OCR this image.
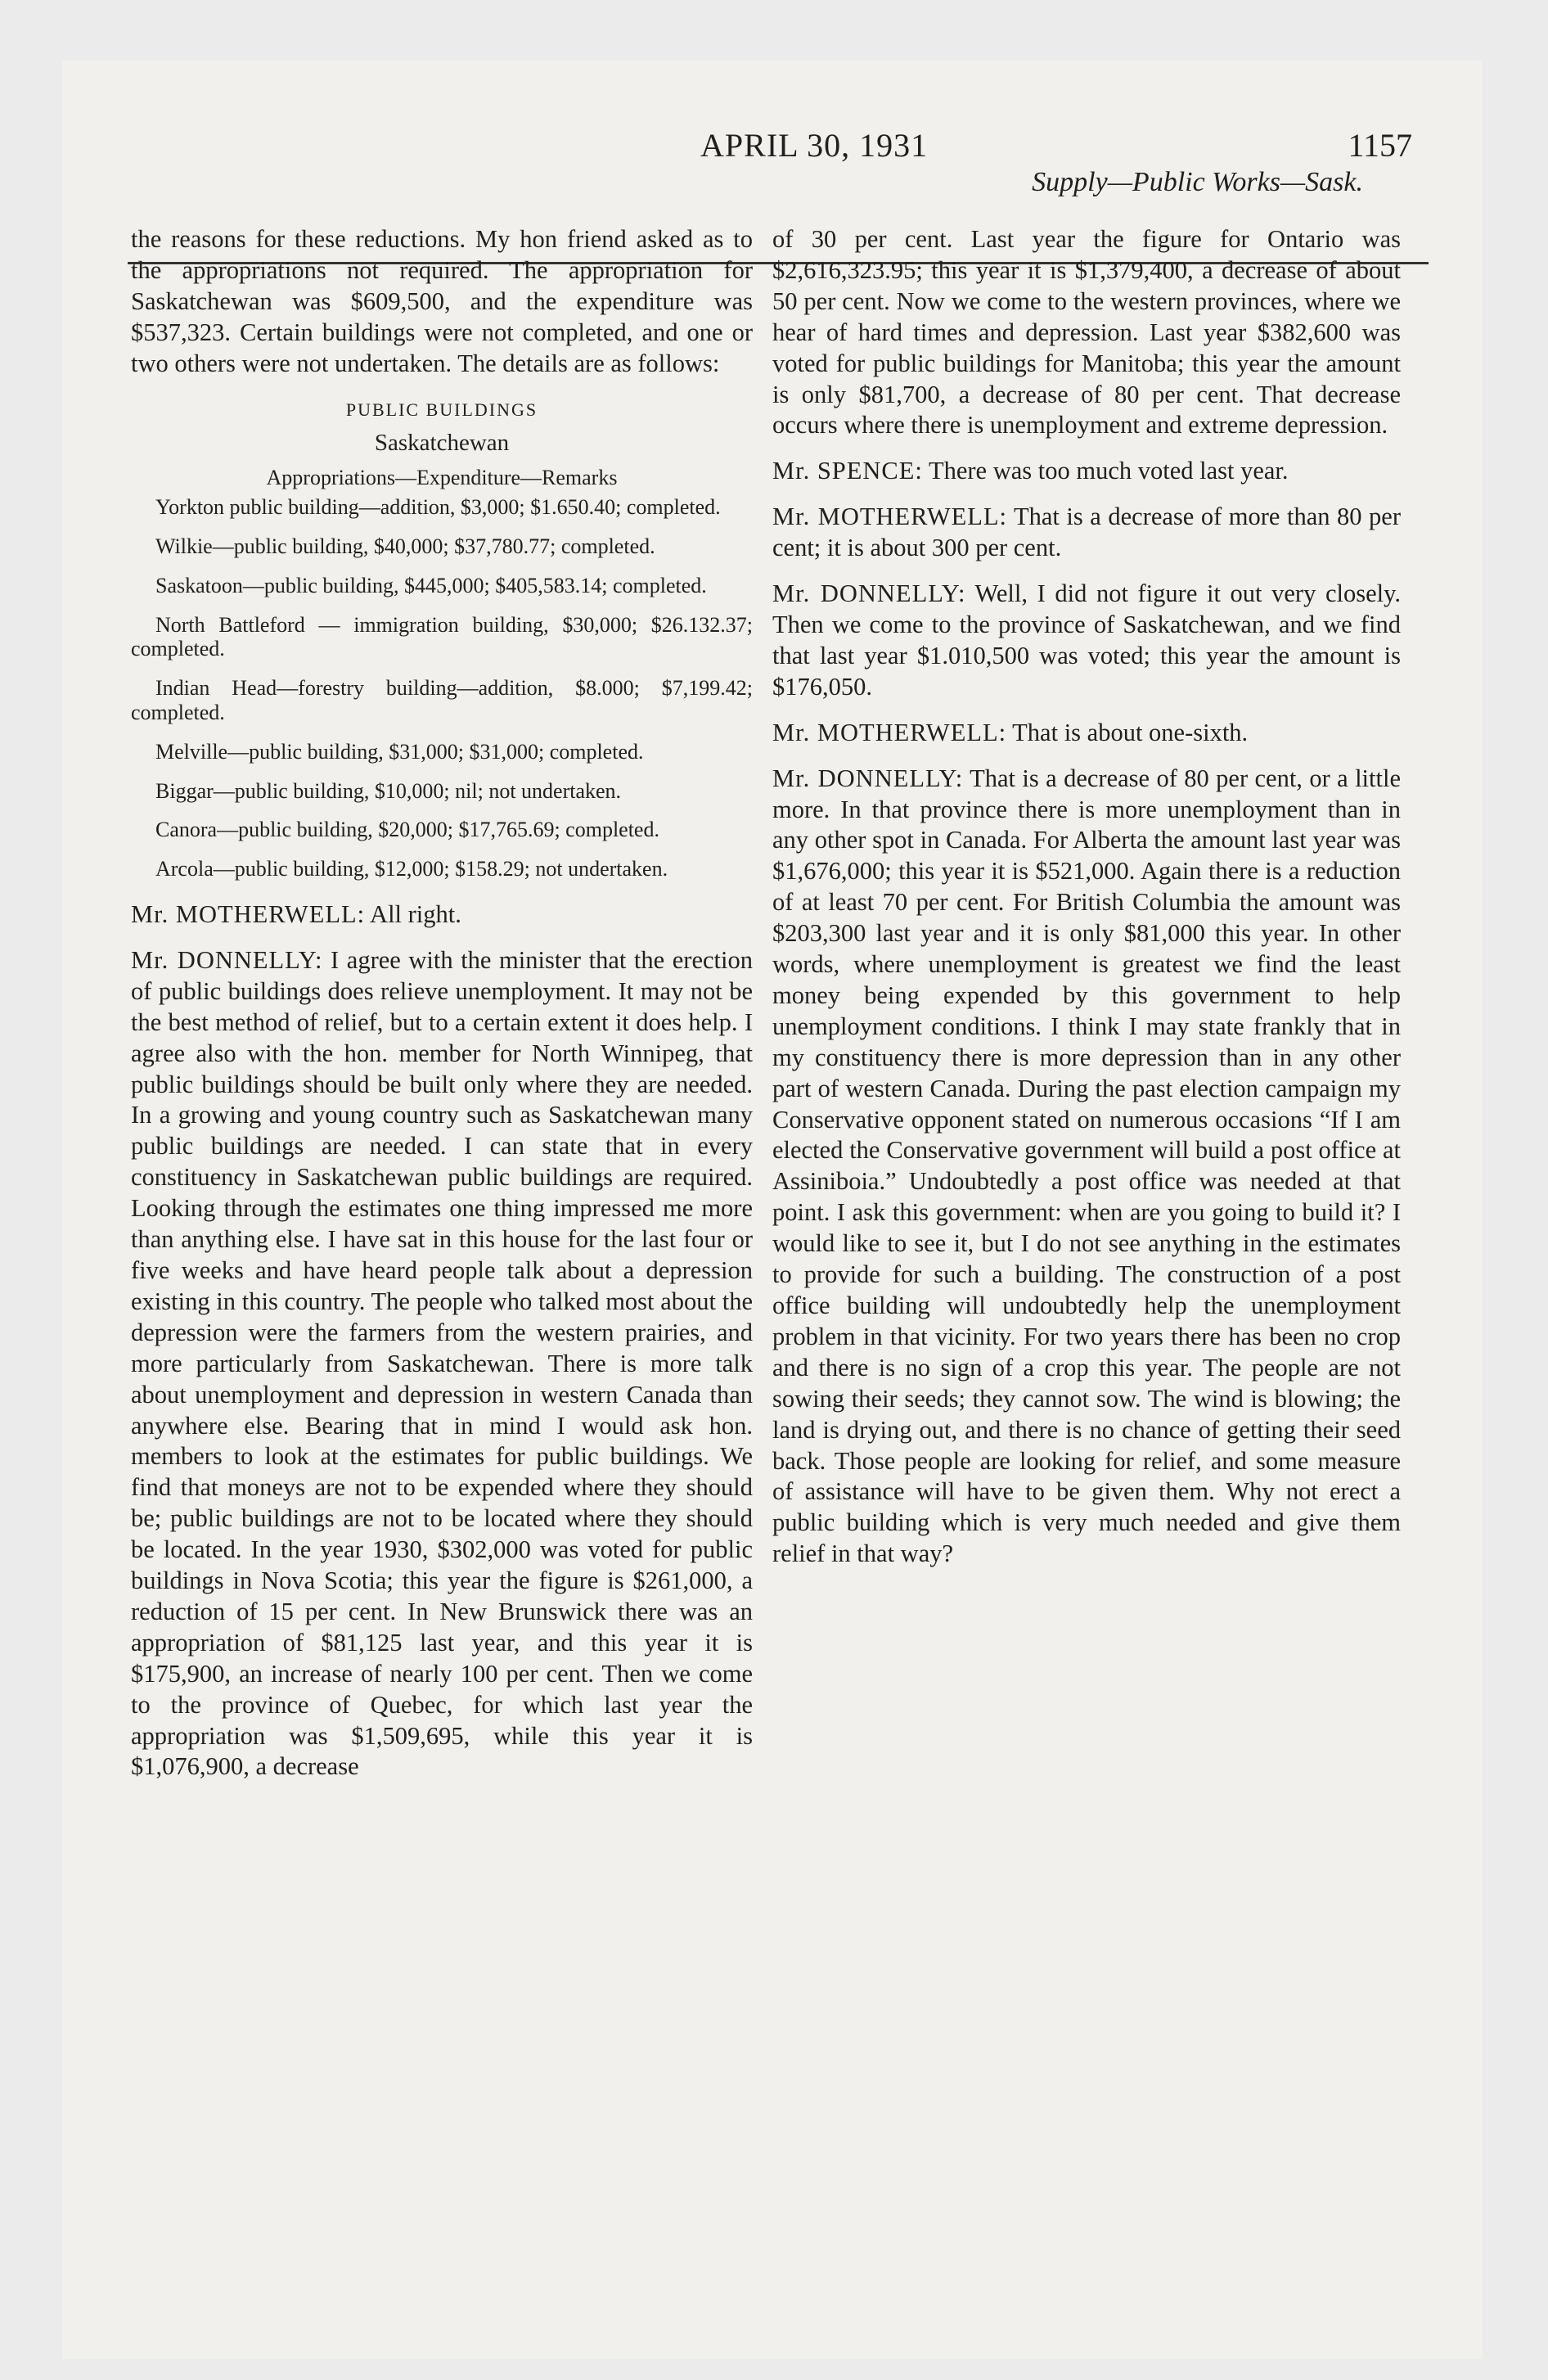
APRIL 30, 1931	1157
Supply—Public Works—Sask.

the reasons for these reductions. My hon friend asked as to the appropriations not required. The appropriation for Saskatchewan was $609,500, and the expenditure was $537,323. Certain buildings were not completed, and one or two others were not undertaken. The details are as follows:

PUBLIC BUILDINGS
Saskatchewan
Appropriations—Expenditure—Remarks

Yorkton public building—addition, $3,000; $1.650.40; completed.

Wilkie—public building, $40,000; $37,780.77; completed.

Saskatoon—public building, $445,000; $405,583.14; completed.

North Battleford — immigration building, $30,000; $26.132.37; completed.

Indian Head—forestry building—addition, $8.000; $7,199.42; completed.

Melville—public building, $31,000; $31,000; completed.

Biggar—public building, $10,000; nil; not undertaken.

Canora—public building, $20,000; $17,765.69; completed.

Arcola—public building, $12,000; $158.29; not undertaken.

Mr. MOTHERWELL: All right.

Mr. DONNELLY: I agree with the minister that the erection of public buildings does relieve unemployment. It may not be the best method of relief, but to a certain extent it does help. I agree also with the hon. member for North Winnipeg, that public buildings should be built only where they are needed. In a growing and young country such as Saskatchewan many public buildings are needed. I can state that in every constituency in Saskatchewan public buildings are required. Looking through the estimates one thing impressed me more than anything else. I have sat in this house for the last four or five weeks and have heard people talk about a depression existing in this country. The people who talked most about the depression were the farmers from the western prairies, and more particularly from Saskatchewan. There is more talk about unemployment and depression in western Canada than anywhere else. Bearing that in mind I would ask hon. members to look at the estimates for public buildings. We find that moneys are not to be expended where they should be; public buildings are not to be located where they should be located. In the year 1930, $302,000 was voted for public buildings in Nova Scotia; this year the figure is $261,000, a reduction of 15 per cent. In New Brunswick there was an appropriation of $81,125 last year, and this year it is $175,900, an increase of nearly 100 per cent. Then we come to the province of Quebec, for which last year the appropriation was $1,509,695, while this year it is $1,076,900, a decrease

of 30 per cent. Last year the figure for Ontario was $2,616,323.95; this year it is $1,379,400, a decrease of about 50 per cent. Now we come to the western provinces, where we hear of hard times and depression. Last year $382,600 was voted for public buildings for Manitoba; this year the amount is only $81,700, a decrease of 80 per cent. That decrease occurs where there is unemployment and extreme depression.

Mr. SPENCE: There was too much voted last year.

Mr. MOTHERWELL: That is a decrease of more than 80 per cent; it is about 300 per cent.

Mr. DONNELLY: Well, I did not figure it out very closely. Then we come to the province of Saskatchewan, and we find that last year $1.010,500 was voted; this year the amount is $176,050.

Mr. MOTHERWELL: That is about one-sixth.

Mr. DONNELLY: That is a decrease of 80 per cent, or a little more. In that province there is more unemployment than in any other spot in Canada. For Alberta the amount last year was $1,676,000; this year it is $521,000. Again there is a reduction of at least 70 per cent. For British Columbia the amount was $203,300 last year and it is only $81,000 this year. In other words, where unemployment is greatest we find the least money being expended by this government to help unemployment conditions. I think I may state frankly that in my constituency there is more depression than in any other part of western Canada. During the past election campaign my Conservative opponent stated on numerous occasions “If I am elected the Conservative government will build a post office at Assiniboia.” Undoubtedly a post office was needed at that point. I ask this government: when are you going to build it? I would like to see it, but I do not see anything in the estimates to provide for such a building. The construction of a post office building will undoubtedly help the unemployment problem in that vicinity. For two years there has been no crop and there is no sign of a crop this year. The people are not sowing their seeds; they cannot sow. The wind is blowing; the land is drying out, and there is no chance of getting their seed back. Those people are looking for relief, and some measure of assistance will have to be given them. Why not erect a public building which is very much needed and give them relief in that way?
